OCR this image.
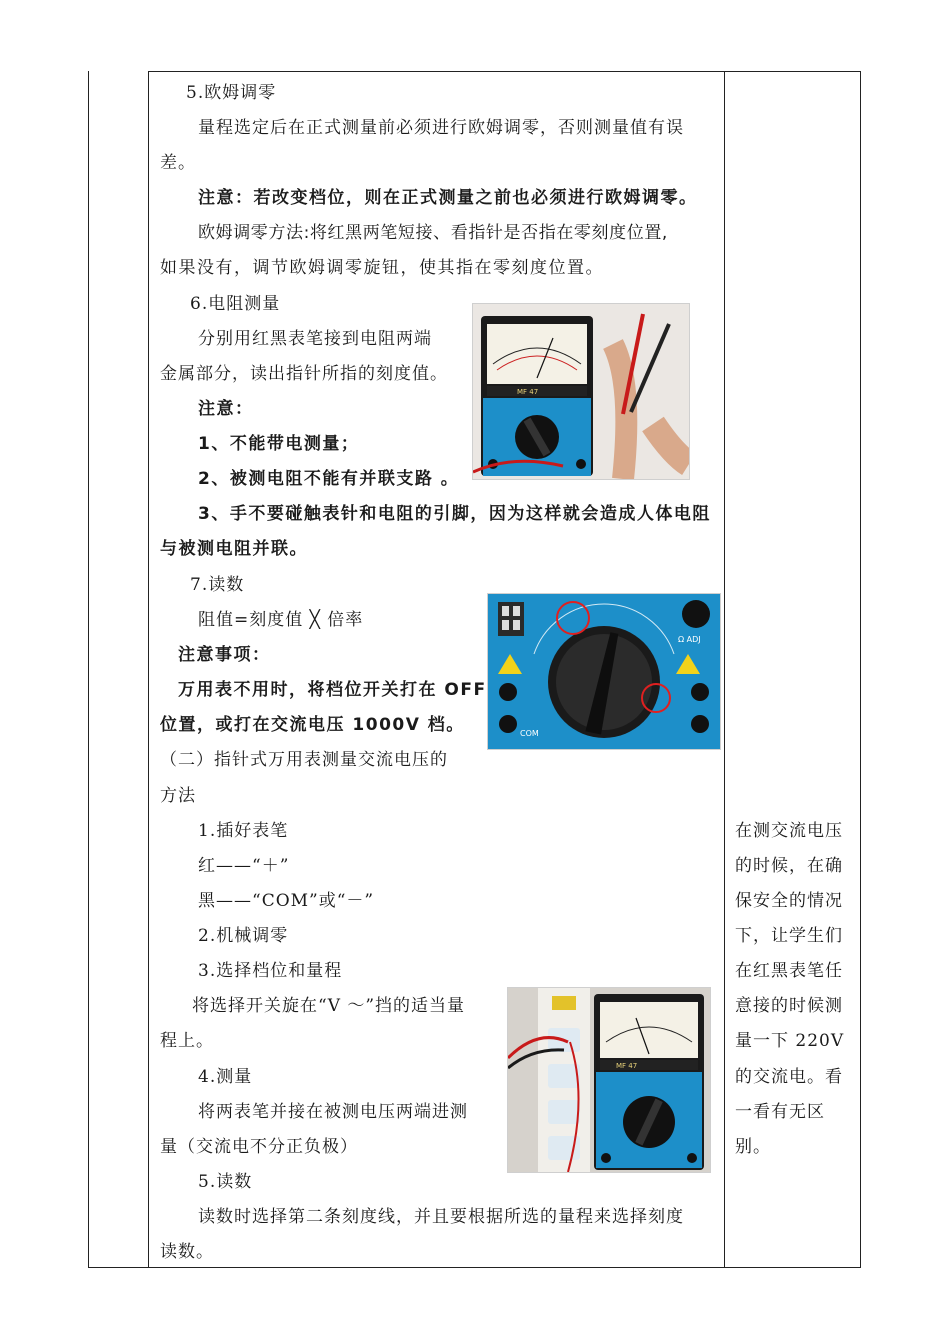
5.欧姆调零
量程选定后在正式测量前必须进行欧姆调零，否则测量值有误
差。
注意：若改变档位，则在正式测量之前也必须进行欧姆调零。
欧姆调零方法:将红黑两笔短接、看指针是否指在零刻度位置,
如果没有，调节欧姆调零旋钮，使其指在零刻度位置。
6.电阻测量
分别用红黑表笔接到电阻两端
金属部分，读出指针所指的刻度值。
注意：
1、不能带电测量；
2、被测电阻不能有并联支路 。
3、手不要碰触表针和电阻的引脚，因为这样就会造成人体电阻
与被测电阻并联。
MF 47
7.读数
阻值=刻度值 ╳ 倍率
注意事项：
万用表不用时，将档位开关打在 OFF
位置，或打在交流电压 1000V 档。
Ω ADJ
COM
（二）指针式万用表测量交流电压的
方法
1.插好表笔
红——“＋”
黑——“COM”或“－”
2.机械调零
3.选择档位和量程
将选择开关旋在“V ～”挡的适当量
程上。
4.测量
将两表笔并接在被测电压两端进测
量（交流电不分正负极）
5.读数
读数时选择第二条刻度线，并且要根据所选的量程来选择刻度
读数。
MF 47
在测交流电压
的时候，在确
保安全的情况
下，让学生们
在红黑表笔任
意接的时候测
量一下 220V
的交流电。看
一看有无区
别。
